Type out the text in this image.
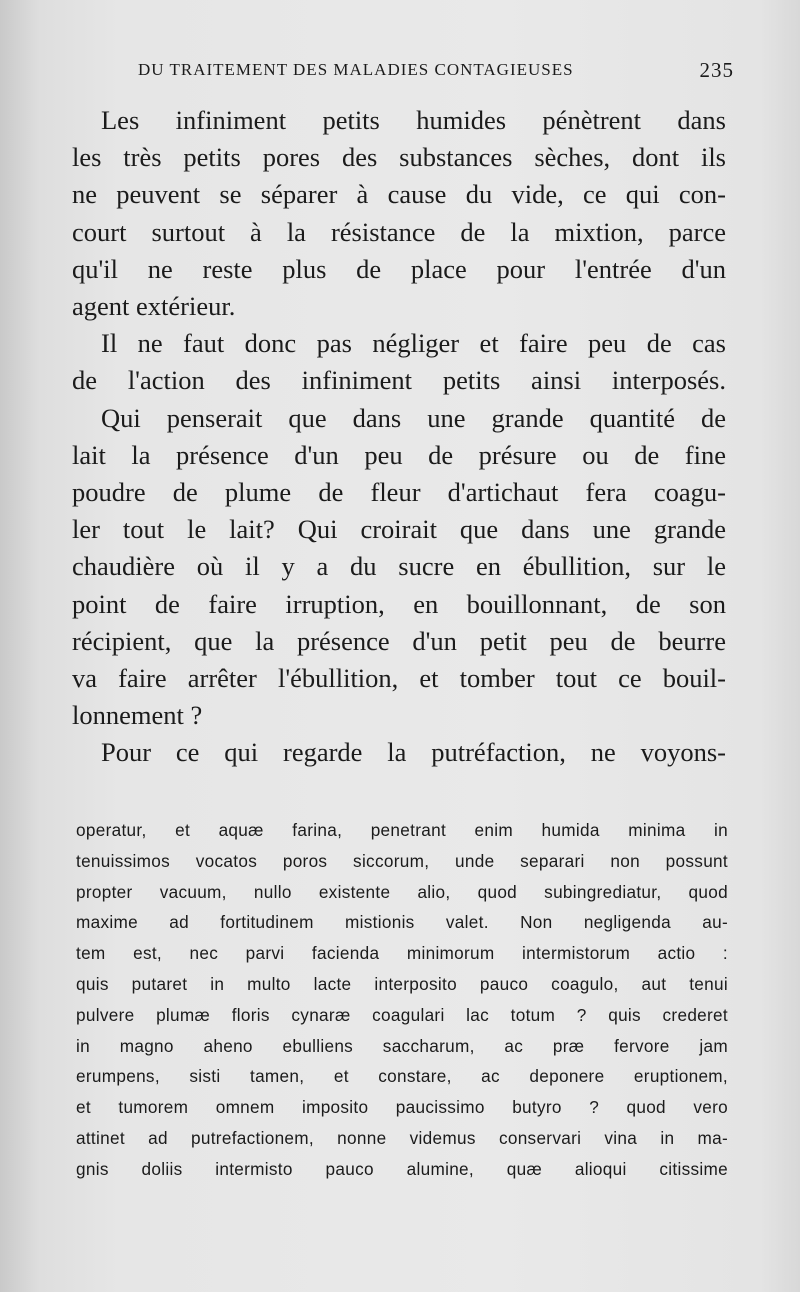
DU TRAITEMENT DES MALADIES CONTAGIEUSES	235

Les infiniment petits humides pénètrent dans
les très petits pores des substances sèches, dont ils
ne peuvent se séparer à cause du vide, ce qui con-
court surtout à la résistance de la mixtion, parce
qu'il ne reste plus de place pour l'entrée d'un
agent extérieur.

Il ne faut donc pas négliger et faire peu de cas
de l'action des infiniment petits ainsi interposés.

Qui penserait que dans une grande quantité de
lait la présence d'un peu de présure ou de fine
poudre de plume de fleur d'artichaut fera coagu-
ler tout le lait? Qui croirait que dans une grande
chaudière où il y a du sucre en ébullition, sur le
point de faire irruption, en bouillonnant, de son
récipient, que la présence d'un petit peu de beurre
va faire arrêter l'ébullition, et tomber tout ce bouil-
lonnement ?

Pour ce qui regarde la putréfaction, ne voyons-

operatur, et aquæ farina, penetrant enim humida minima in
tenuissimos vocatos poros siccorum, unde separari non possunt
propter vacuum, nullo existente alio, quod subingrediatur, quod
maxime ad fortitudinem mistionis valet. Non negligenda au-
tem est, nec parvi facienda minimorum intermistorum actio :
quis putaret in multo lacte interposito pauco coagulo, aut tenui
pulvere plumæ floris cynaræ coagulari lac totum ? quis crederet
in magno aheno ebulliens saccharum, ac præ fervore jam
erumpens, sisti tamen, et constare, ac deponere eruptionem,
et tumorem omnem imposito paucissimo butyro ? quod vero
attinet ad putrefactionem, nonne videmus conservari vina in ma-
gnis doliis intermisto pauco alumine, quæ alioqui citissime
